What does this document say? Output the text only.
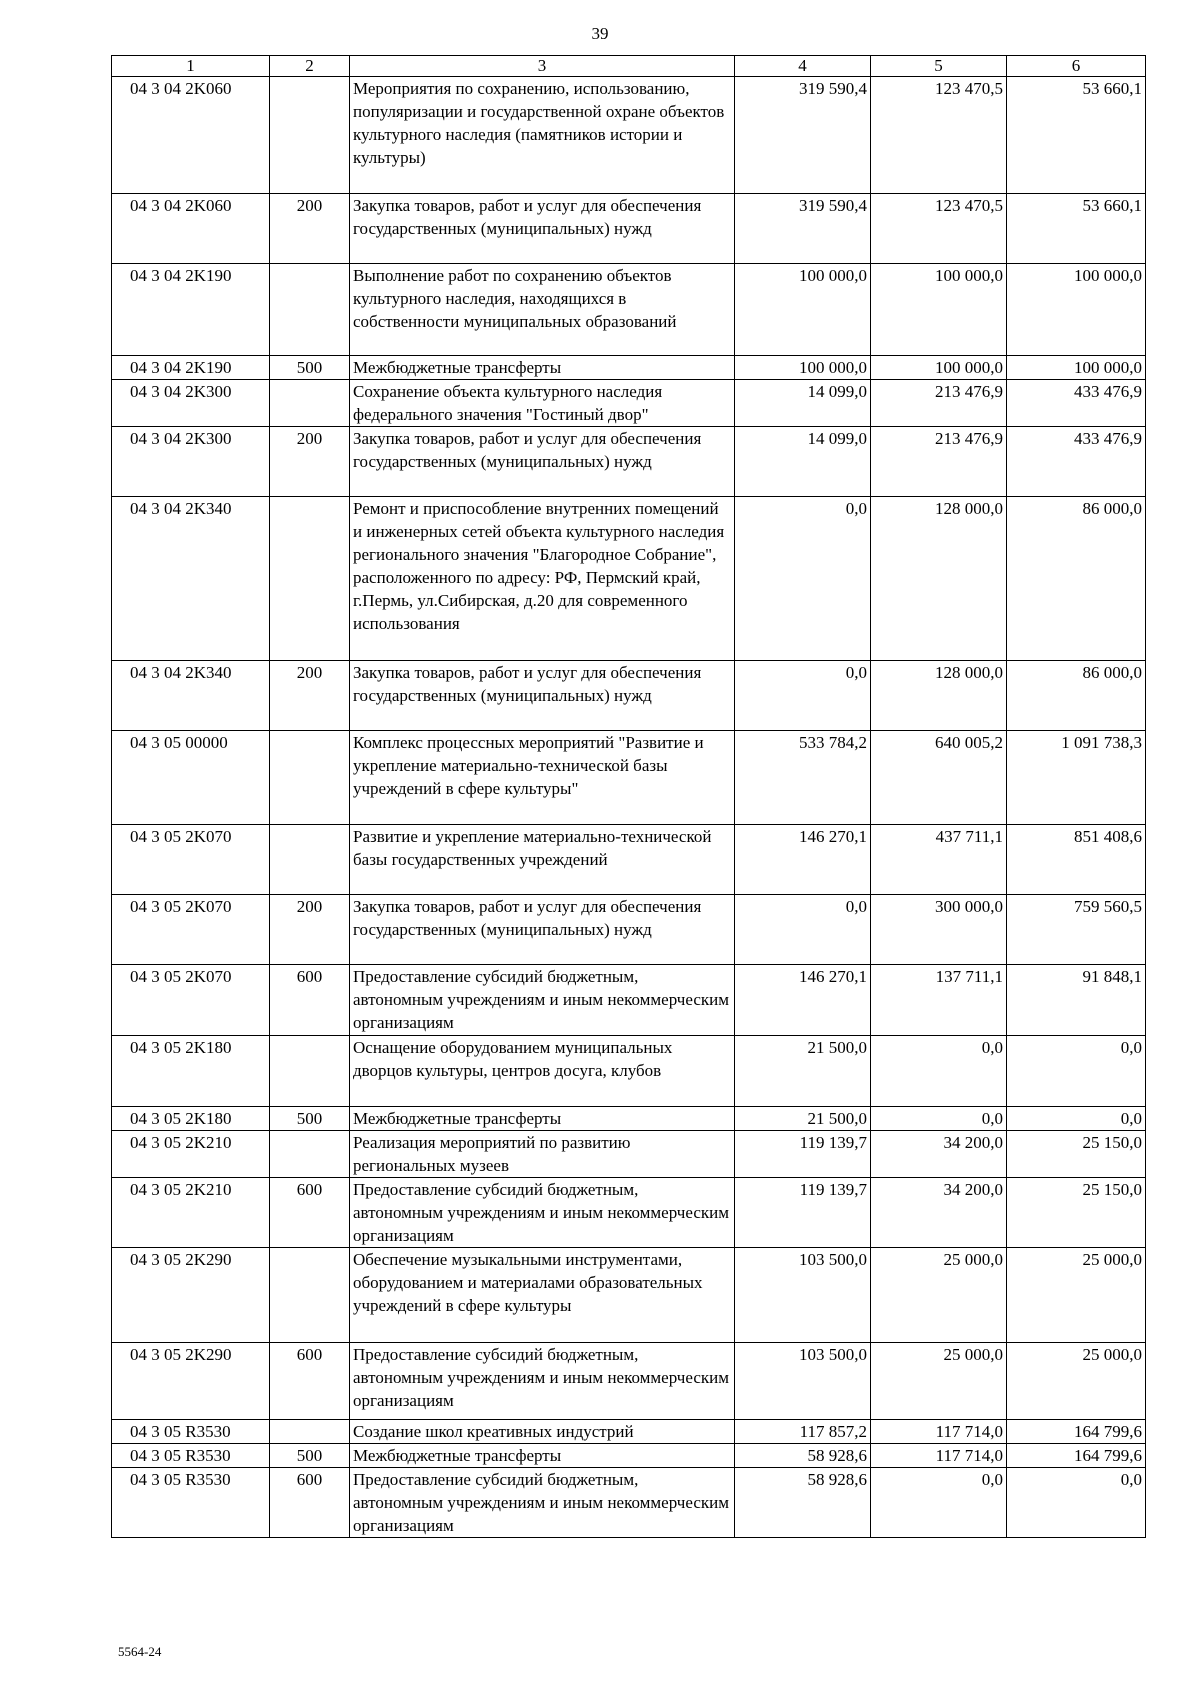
39
1	2	3	4	5	6
04 3 04 2K060		Мероприятия по сохранению, использованию, популяризации и государственной охране объектов культурного наследия (памятников истории и культуры)	319 590,4	123 470,5	53 660,1
04 3 04 2K060	200	Закупка товаров, работ и услуг для обеспечения государственных (муниципальных) нужд	319 590,4	123 470,5	53 660,1
04 3 04 2K190		Выполнение работ по сохранению объектов культурного наследия, находящихся в собственности муниципальных образований	100 000,0	100 000,0	100 000,0
04 3 04 2K190	500	Межбюджетные трансферты	100 000,0	100 000,0	100 000,0
04 3 04 2K300		Сохранение объекта культурного наследия федерального значения "Гостиный двор"	14 099,0	213 476,9	433 476,9
04 3 04 2K300	200	Закупка товаров, работ и услуг для обеспечения государственных (муниципальных) нужд	14 099,0	213 476,9	433 476,9
04 3 04 2K340		Ремонт и приспособление внутренних помещений и инженерных сетей объекта культурного наследия регионального значения "Благородное Собрание", расположенного по адресу: РФ, Пермский край, г.Пермь, ул.Сибирская, д.20 для современного использования	0,0	128 000,0	86 000,0
04 3 04 2K340	200	Закупка товаров, работ и услуг для обеспечения государственных (муниципальных) нужд	0,0	128 000,0	86 000,0
04 3 05 00000		Комплекс процессных мероприятий "Развитие и укрепление материально-технической базы учреждений в сфере культуры"	533 784,2	640 005,2	1 091 738,3
04 3 05 2K070		Развитие и укрепление материально-технической базы государственных учреждений	146 270,1	437 711,1	851 408,6
04 3 05 2K070	200	Закупка товаров, работ и услуг для обеспечения государственных (муниципальных) нужд	0,0	300 000,0	759 560,5
04 3 05 2K070	600	Предоставление субсидий бюджетным, автономным учреждениям и иным некоммерческим организациям	146 270,1	137 711,1	91 848,1
04 3 05 2K180		Оснащение оборудованием муниципальных дворцов культуры, центров досуга, клубов	21 500,0	0,0	0,0
04 3 05 2K180	500	Межбюджетные трансферты	21 500,0	0,0	0,0
04 3 05 2K210		Реализация мероприятий по развитию региональных музеев	119 139,7	34 200,0	25 150,0
04 3 05 2K210	600	Предоставление субсидий бюджетным, автономным учреждениям и иным некоммерческим организациям	119 139,7	34 200,0	25 150,0
04 3 05 2K290		Обеспечение музыкальными инструментами, оборудованием и материалами образовательных учреждений в сфере культуры	103 500,0	25 000,0	25 000,0
04 3 05 2K290	600	Предоставление субсидий бюджетным, автономным учреждениям и иным некоммерческим организациям	103 500,0	25 000,0	25 000,0
04 3 05 R3530		Создание школ креативных индустрий	117 857,2	117 714,0	164 799,6
04 3 05 R3530	500	Межбюджетные трансферты	58 928,6	117 714,0	164 799,6
04 3 05 R3530	600	Предоставление субсидий бюджетным, автономным учреждениям и иным некоммерческим организациям	58 928,6	0,0	0,0
5564-24
